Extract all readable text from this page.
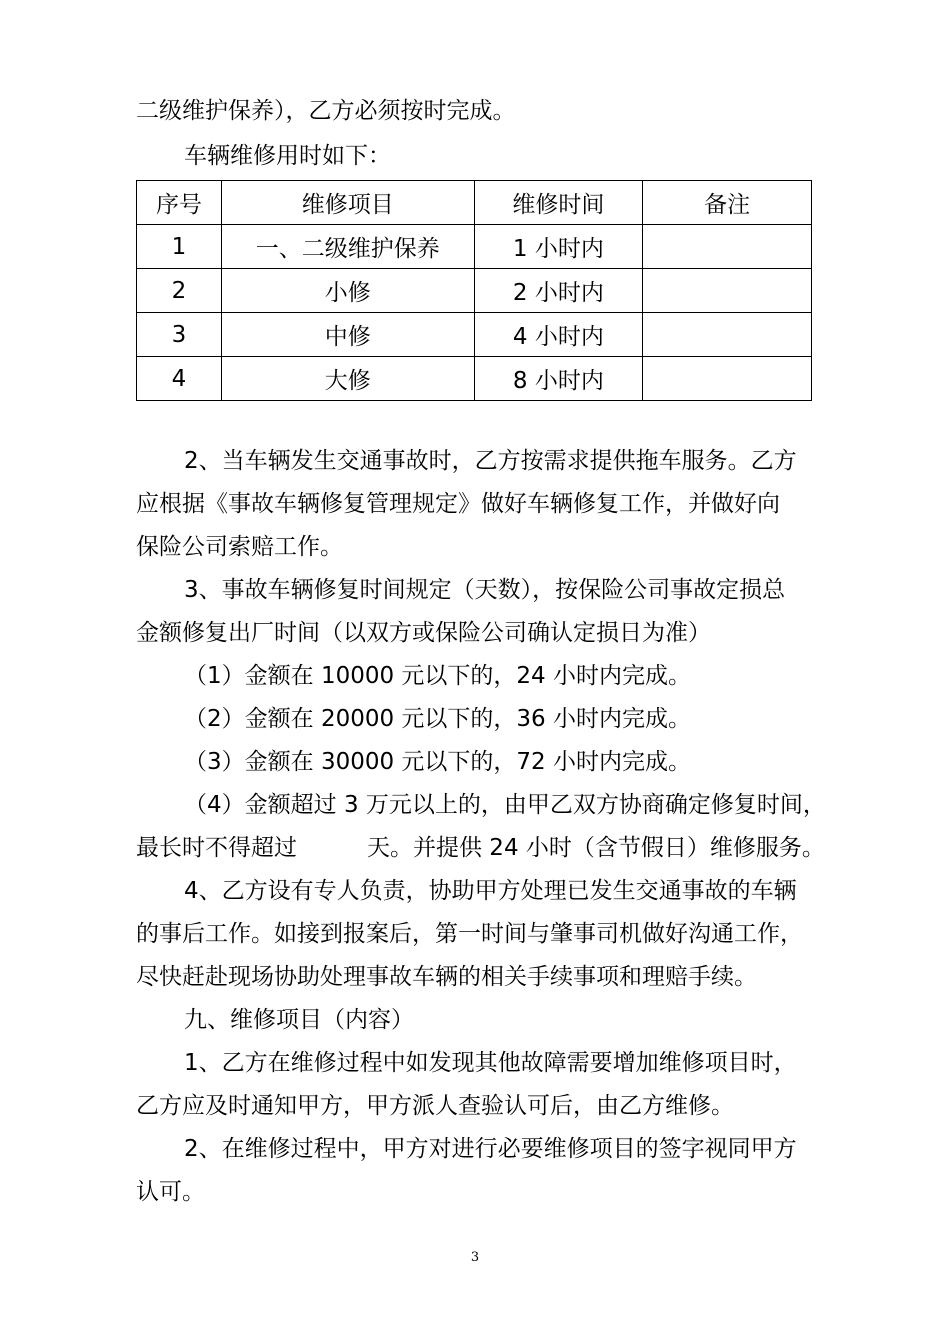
二级维护保养），乙方必须按时完成。
车辆维修用时如下：
序号	维修项目	维修时间	备注
1	一、二级维护保养	1 小时内	
2	小修	2 小时内	
3	中修	4 小时内	
4	大修	8 小时内	
2、当车辆发生交通事故时，乙方按需求提供拖车服务。乙方
应根据《事故车辆修复管理规定》做好车辆修复工作，并做好向
保险公司索赔工作。
3、事故车辆修复时间规定（天数），按保险公司事故定损总
金额修复出厂时间（以双方或保险公司确认定损日为准）
（1）金额在 10000 元以下的，24 小时内完成。
（2）金额在 20000 元以下的，36 小时内完成。
（3）金额在 30000 元以下的，72 小时内完成。
（4）金额超过 3 万元以上的，由甲乙双方协商确定修复时间，
最长时不得超过	天。并提供 24 小时（含节假日）维修服务。
4、乙方设有专人负责，协助甲方处理已发生交通事故的车辆
的事后工作。如接到报案后，第一时间与肇事司机做好沟通工作，
尽快赶赴现场协助处理事故车辆的相关手续事项和理赔手续。
九、维修项目（内容）
1、乙方在维修过程中如发现其他故障需要增加维修项目时，
乙方应及时通知甲方，甲方派人查验认可后，由乙方维修。
2、在维修过程中，甲方对进行必要维修项目的签字视同甲方
认可。
3
